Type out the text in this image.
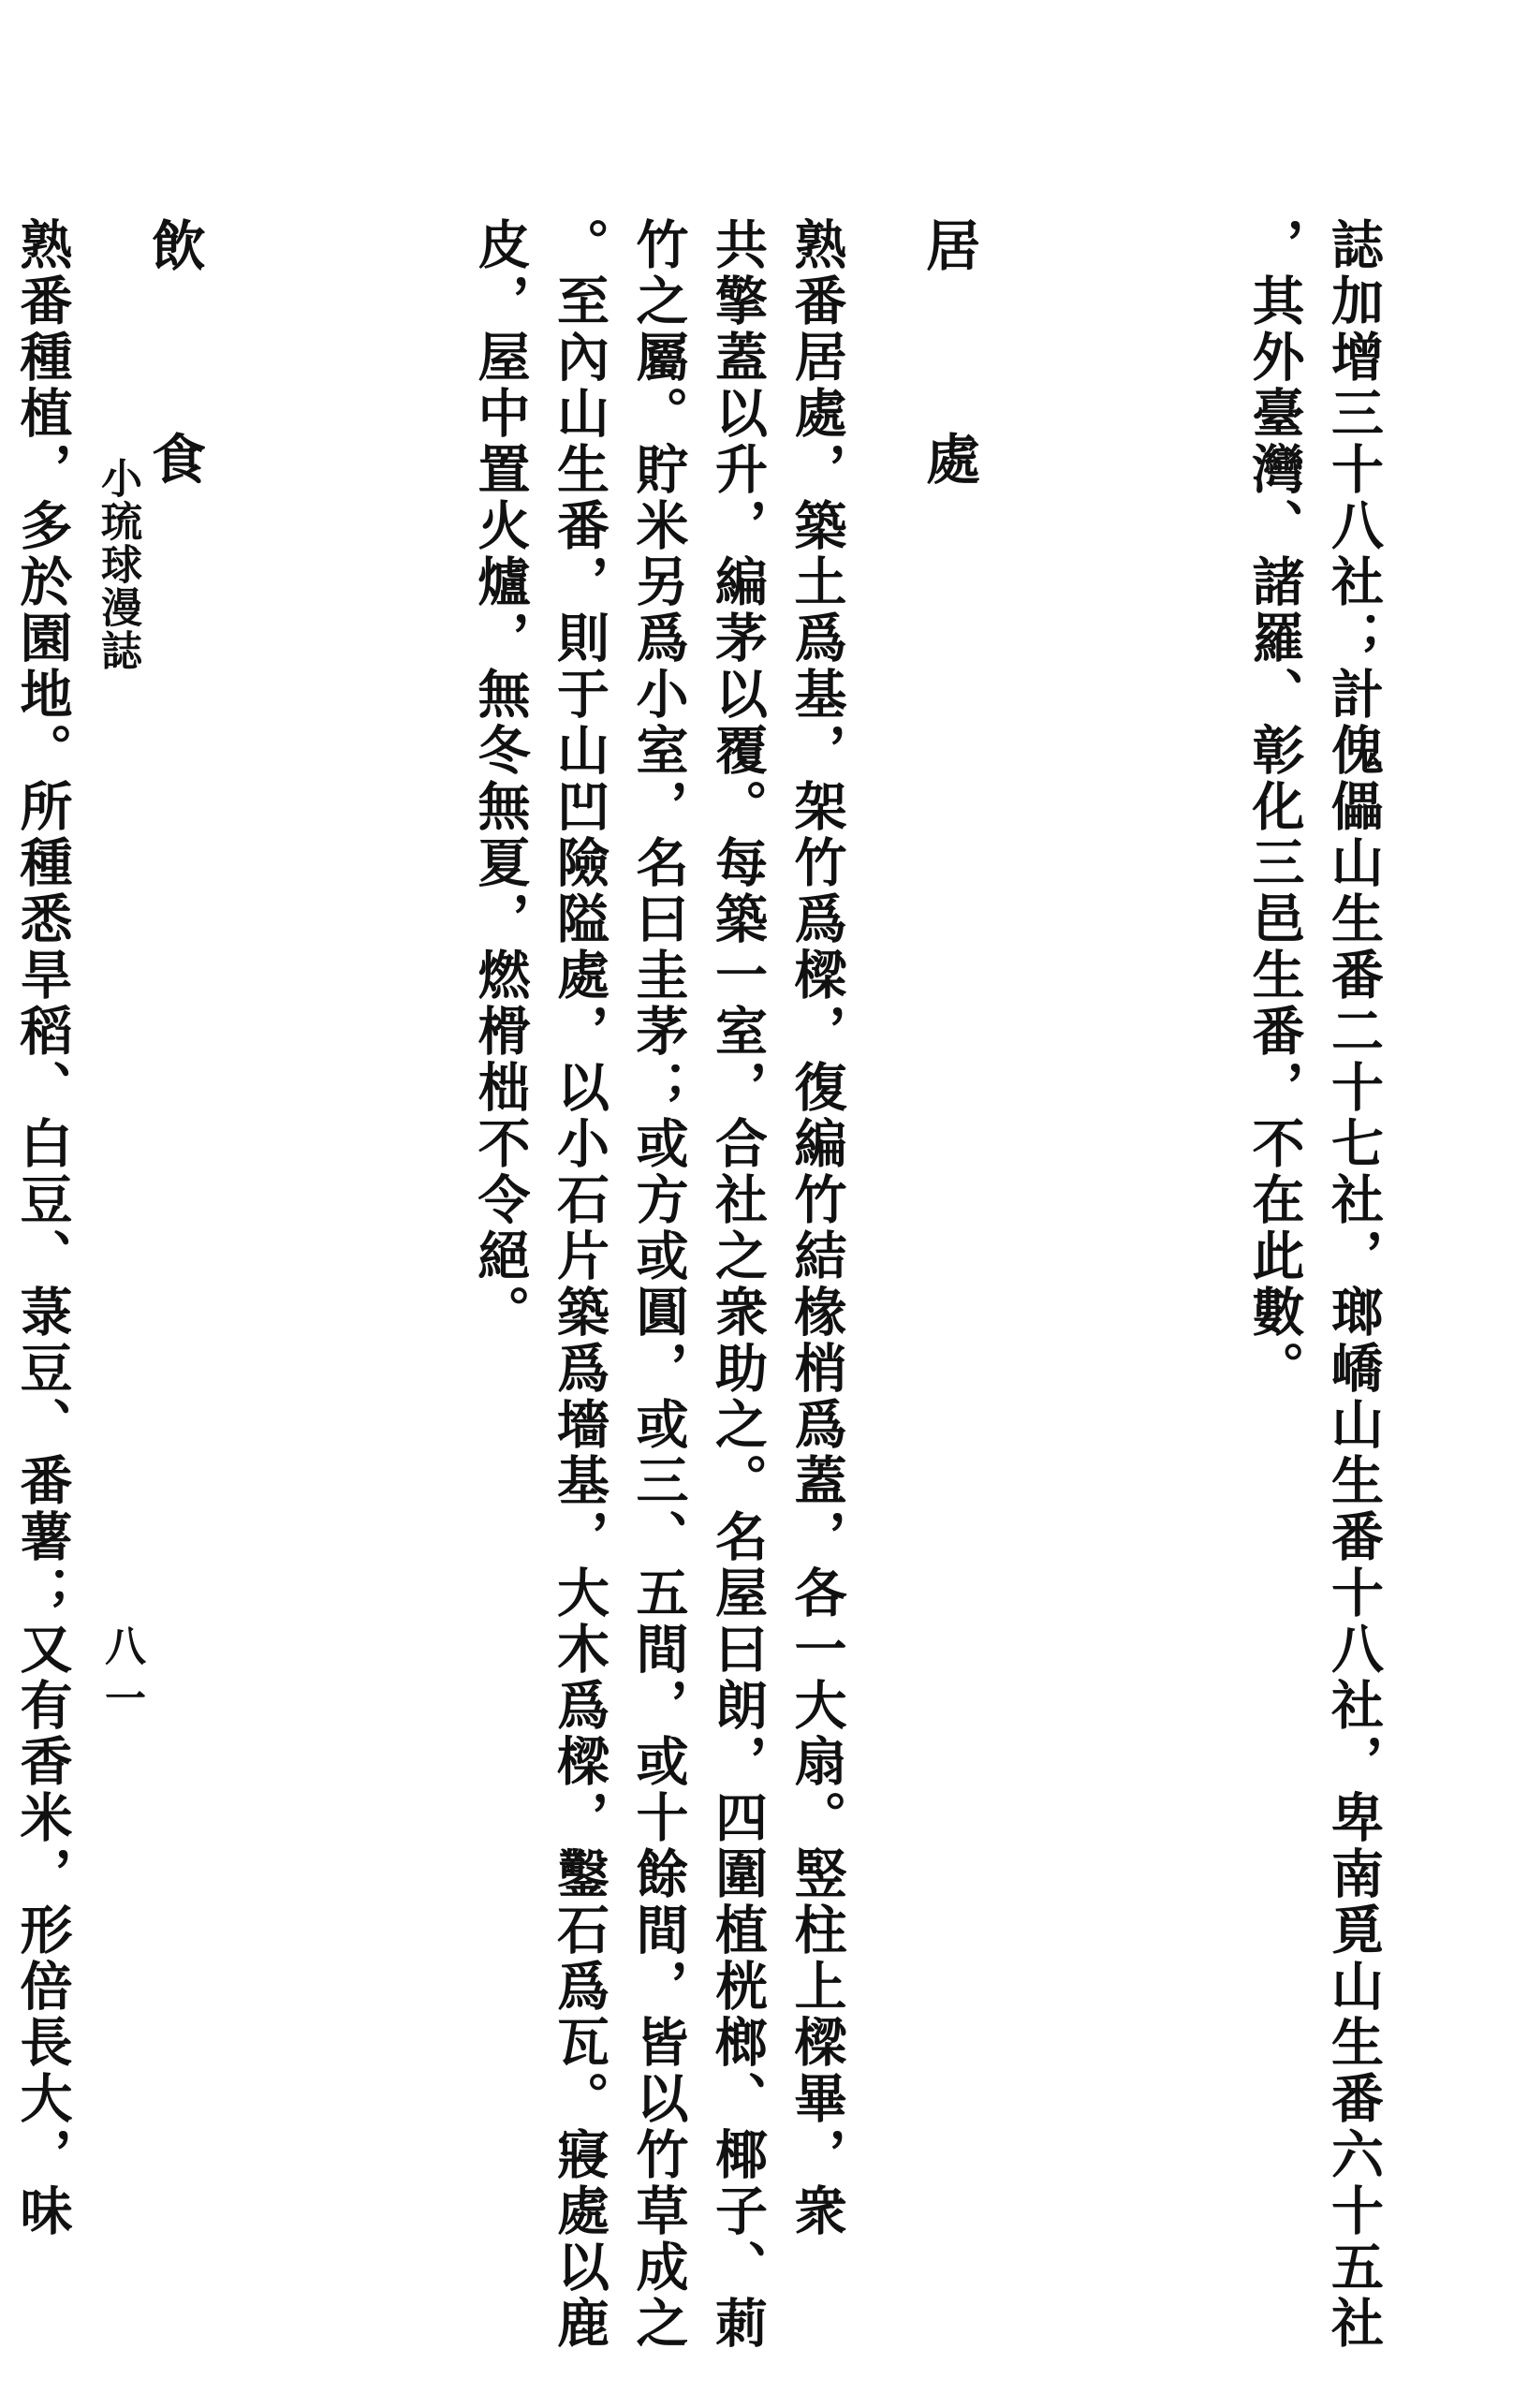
誌加增三十八社；計傀儡山生番二十七社，瑯嶠山生番十八社，卑南覓山生番六十五社
，其外臺灣、諸羅、彰化三邑生番，不在此數。
居　處
熟番居處，築土爲基，架竹爲樑，復編竹結椽梢爲蓋，各一大扇。竪柱上樑畢，衆
共擎蓋以升，編茅以覆。每築一室，合社之衆助之。名屋曰朗，四圍植桄榔、椰子、莿
竹之屬。貯米另爲小室，名曰圭茅；或方或圓，或三、五間，或十餘間，皆以竹草成之
。至內山生番，則于山凹險隘處，以小石片築爲墻基，大木爲樑，鑿石爲瓦。寢處以鹿
皮，屋中置火爐，無冬無夏，燃榾柮不令絕。
飲　食
熟番種植，多於園地。所種悉旱稻、白豆、菉豆、番薯；又有香米，形倍長大，味 小琉球漫誌
八一
